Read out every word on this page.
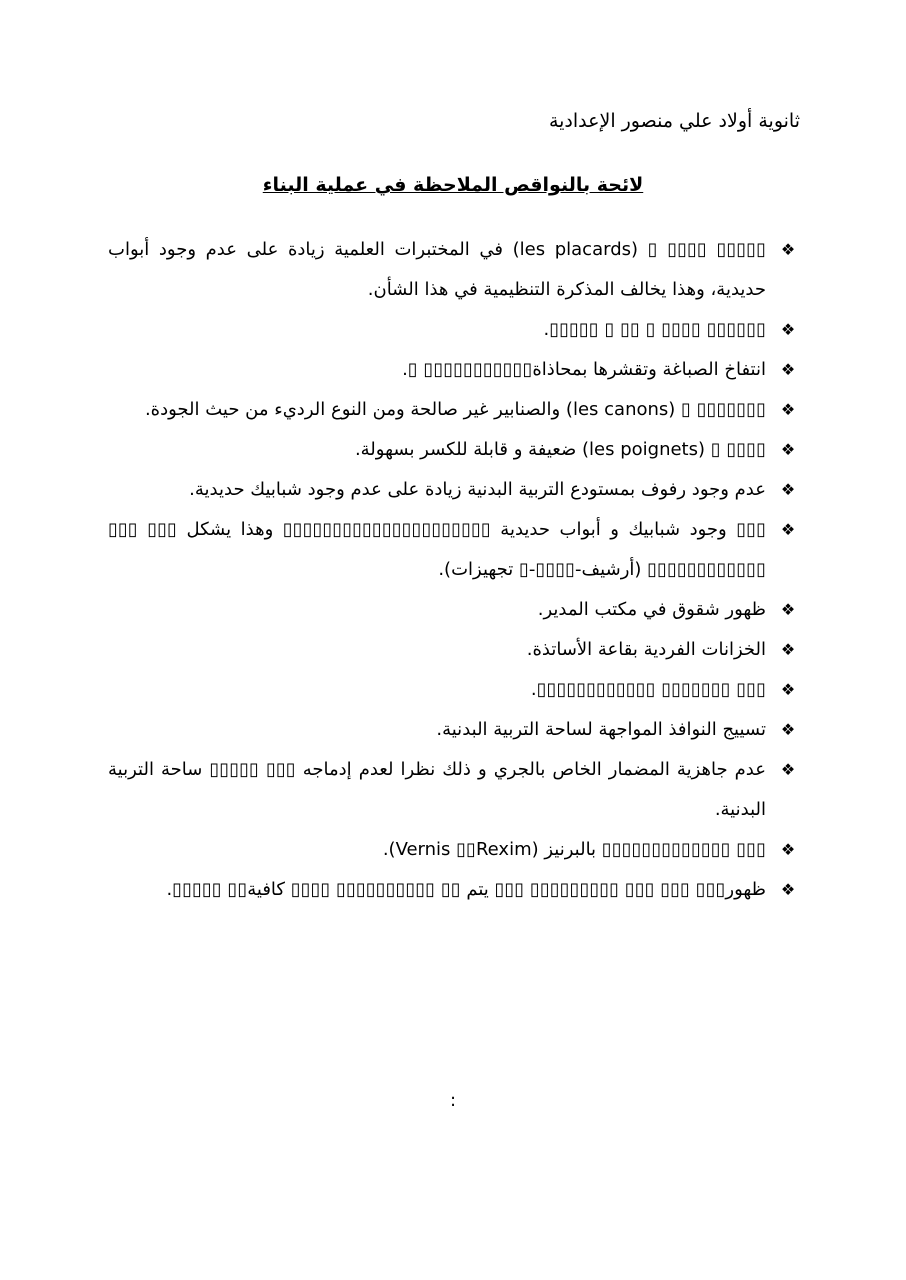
ثانوية أولاد علي منصور الإعدادية
لائحة بالنواقص الملاحظة في عملية البناء
❖
▯▯▯▯▯ ▯▯▯▯ ▯ (les placards) في المختبرات العلمية زيادة على عدم وجود أبواب حديدية، وهذا يخالف المذكرة التنظيمية في هذا الشأن.
❖
▯▯▯▯▯▯ ▯▯▯▯ ▯ ▯▯ ▯ ▯▯▯▯▯.
❖
انتفاخ الصباغة وتقشرها بمحاذاة▯▯▯▯▯▯▯▯▯▯▯ ▯.
❖
▯▯▯▯▯▯▯ ▯ (les canons) والصنابير غير صالحة ومن النوع الرديء من حيث الجودة.
❖
▯▯▯▯ ▯ (les poignets) ضعيفة و قابلة للكسر بسهولة.
❖
عدم وجود رفوف بمستودع التربية البدنية زيادة على عدم وجود شبابيك حديدية.
❖
▯▯▯ وجود شبابيك و أبواب حديدية ▯▯▯▯▯▯▯▯▯▯▯▯▯▯▯▯▯▯▯▯▯ وهذا يشكل ▯▯▯ ▯▯▯ ▯▯▯▯▯▯▯▯▯▯▯▯ (أرشيف-▯▯▯▯-▯ تجهيزات).
❖
ظهور شقوق في مكتب المدير.
❖
الخزانات الفردية بقاعة الأساتذة.
❖
▯▯▯ ▯▯▯▯▯▯▯ ▯▯▯▯▯▯▯▯▯▯▯▯.
❖
تسييج النوافذ المواجهة لساحة التربية البدنية.
❖
عدم جاهزية المضمار الخاص بالجري و ذلك نظرا لعدم إدماجه ▯▯▯ ▯▯▯▯▯ ساحة التربية البدنية.
❖
▯▯▯ ▯▯▯▯▯▯▯▯▯▯▯▯▯ بالبرنيز (Vernis ▯▯Rexim).
❖
ظهور▯▯▯ ▯▯▯ ▯▯▯ ▯▯▯▯▯▯▯▯▯ ▯▯▯ يتم ▯▯ ▯▯▯▯▯▯▯▯▯▯ ▯▯▯▯ كافية▯▯ ▯▯▯▯▯.
:
